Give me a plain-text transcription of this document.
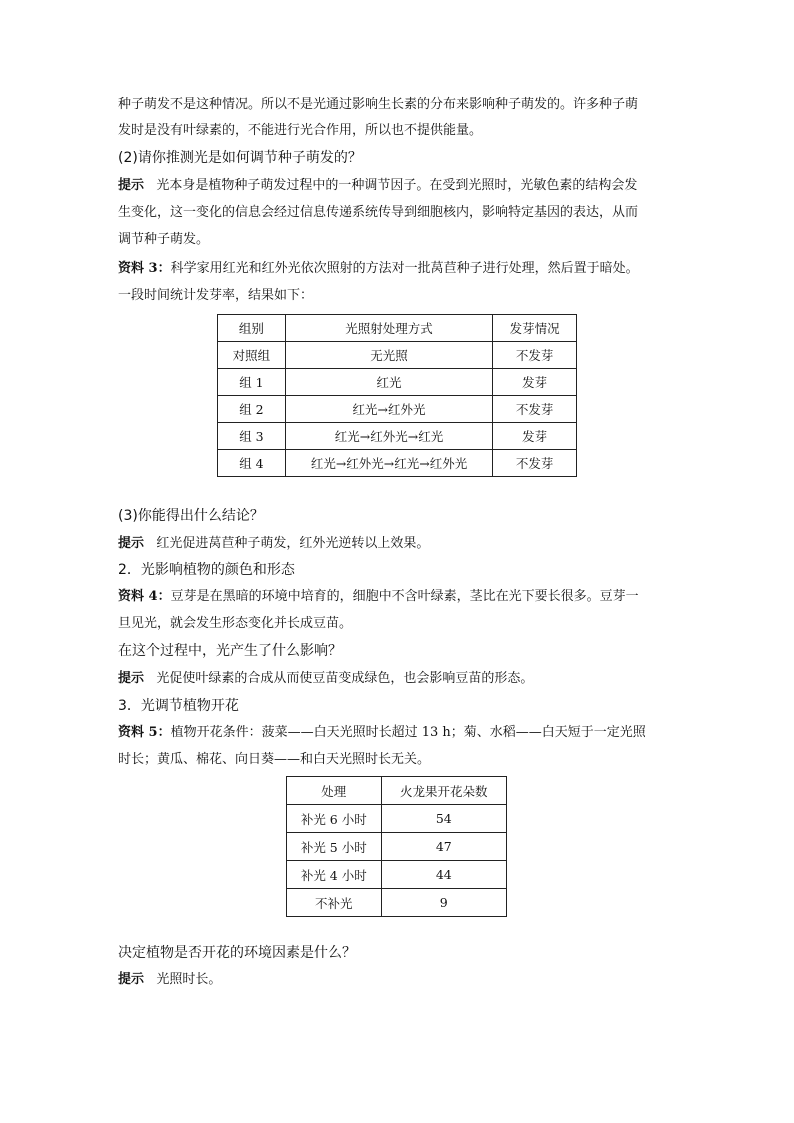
种子萌发不是这种情况。所以不是光通过影响生长素的分布来影响种子萌发的。许多种子萌
发时是没有叶绿素的，不能进行光合作用，所以也不提供能量。
(2)请你推测光是如何调节种子萌发的？
提示 光本身是植物种子萌发过程中的一种调节因子。在受到光照时，光敏色素的结构会发
生变化，这一变化的信息会经过信息传递系统传导到细胞核内，影响特定基因的表达，从而
调节种子萌发。
资料 3：科学家用红光和红外光依次照射的方法对一批莴苣种子进行处理，然后置于暗处。
一段时间统计发芽率，结果如下：
组别	光照射处理方式	发芽情况
对照组	无光照	不发芽
组 1	红光	发芽
组 2	红光→红外光	不发芽
组 3	红光→红外光→红光	发芽
组 4	红光→红外光→红光→红外光	不发芽
(3)你能得出什么结论？
提示 红光促进莴苣种子萌发，红外光逆转以上效果。
2．光影响植物的颜色和形态
资料 4：豆芽是在黑暗的环境中培育的，细胞中不含叶绿素，茎比在光下要长很多。豆芽一
旦见光，就会发生形态变化并长成豆苗。
在这个过程中，光产生了什么影响？
提示 光促使叶绿素的合成从而使豆苗变成绿色，也会影响豆苗的形态。
3．光调节植物开花
资料 5：植物开花条件：菠菜——白天光照时长超过 13 h；菊、水稻——白天短于一定光照
时长；黄瓜、棉花、向日葵——和白天光照时长无关。
处理	火龙果开花朵数
补光 6 小时	54
补光 5 小时	47
补光 4 小时	44
不补光	9
决定植物是否开花的环境因素是什么？
提示 光照时长。
